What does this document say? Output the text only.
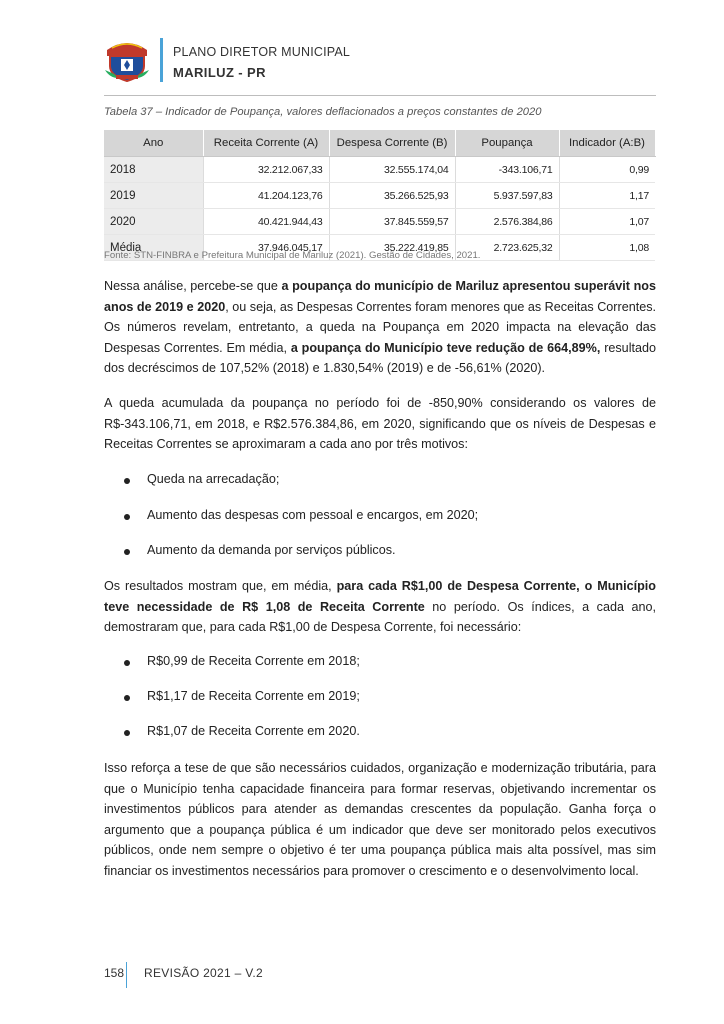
PLANO DIRETOR MUNICIPAL
MARILUZ - PR
Tabela 37 – Indicador de Poupança, valores deflacionados a preços constantes de 2020
Ano	Receita Corrente (A)	Despesa Corrente (B)	Poupança	Indicador (A:B)
2018	32.212.067,33	32.555.174,04	-343.106,71	0,99
2019	41.204.123,76	35.266.525,93	5.937.597,83	1,17
2020	40.421.944,43	37.845.559,57	2.576.384,86	1,07
Média	37.946.045,17	35.222.419,85	2.723.625,32	1,08
Fonte: STN-FINBRA e Prefeitura Municipal de Mariluz (2021). Gestão de Cidades, 2021.

Nessa análise, percebe-se que a poupança do município de Mariluz apresentou superávit nos anos de 2019 e 2020, ou seja, as Despesas Correntes foram menores que as Receitas Correntes. Os números revelam, entretanto, a queda na Poupança em 2020 impacta na elevação das Despesas Correntes. Em média, a poupança do Município teve redução de 664,89%, resultado dos decréscimos de 107,52% (2018) e 1.830,54% (2019) e de -56,61% (2020).

A queda acumulada da poupança no período foi de -850,90% considerando os valores de R$-343.106,71, em 2018, e R$2.576.384,86, em 2020, significando que os níveis de Despesas e Receitas Correntes se aproximaram a cada ano por três motivos:

Queda na arrecadação;
Aumento das despesas com pessoal e encargos, em 2020;
Aumento da demanda por serviços públicos.

Os resultados mostram que, em média, para cada R$1,00 de Despesa Corrente, o Município teve necessidade de R$ 1,08 de Receita Corrente no período. Os índices, a cada ano, demostraram que, para cada R$1,00 de Despesa Corrente, foi necessário:

R$0,99 de Receita Corrente em 2018;
R$1,17 de Receita Corrente em 2019;
R$1,07 de Receita Corrente em 2020.

Isso reforça a tese de que são necessários cuidados, organização e modernização tributária, para que o Município tenha capacidade financeira para formar reservas, objetivando incrementar os investimentos públicos para atender as demandas crescentes da população. Ganha força o argumento que a poupança pública é um indicador que deve ser monitorado pelos executivos públicos, onde nem sempre o objetivo é ter uma poupança pública mais alta possível, mas sim financiar os investimentos necessários para promover o crescimento e o desenvolvimento local.

158 REVISÃO 2021 – V.2
